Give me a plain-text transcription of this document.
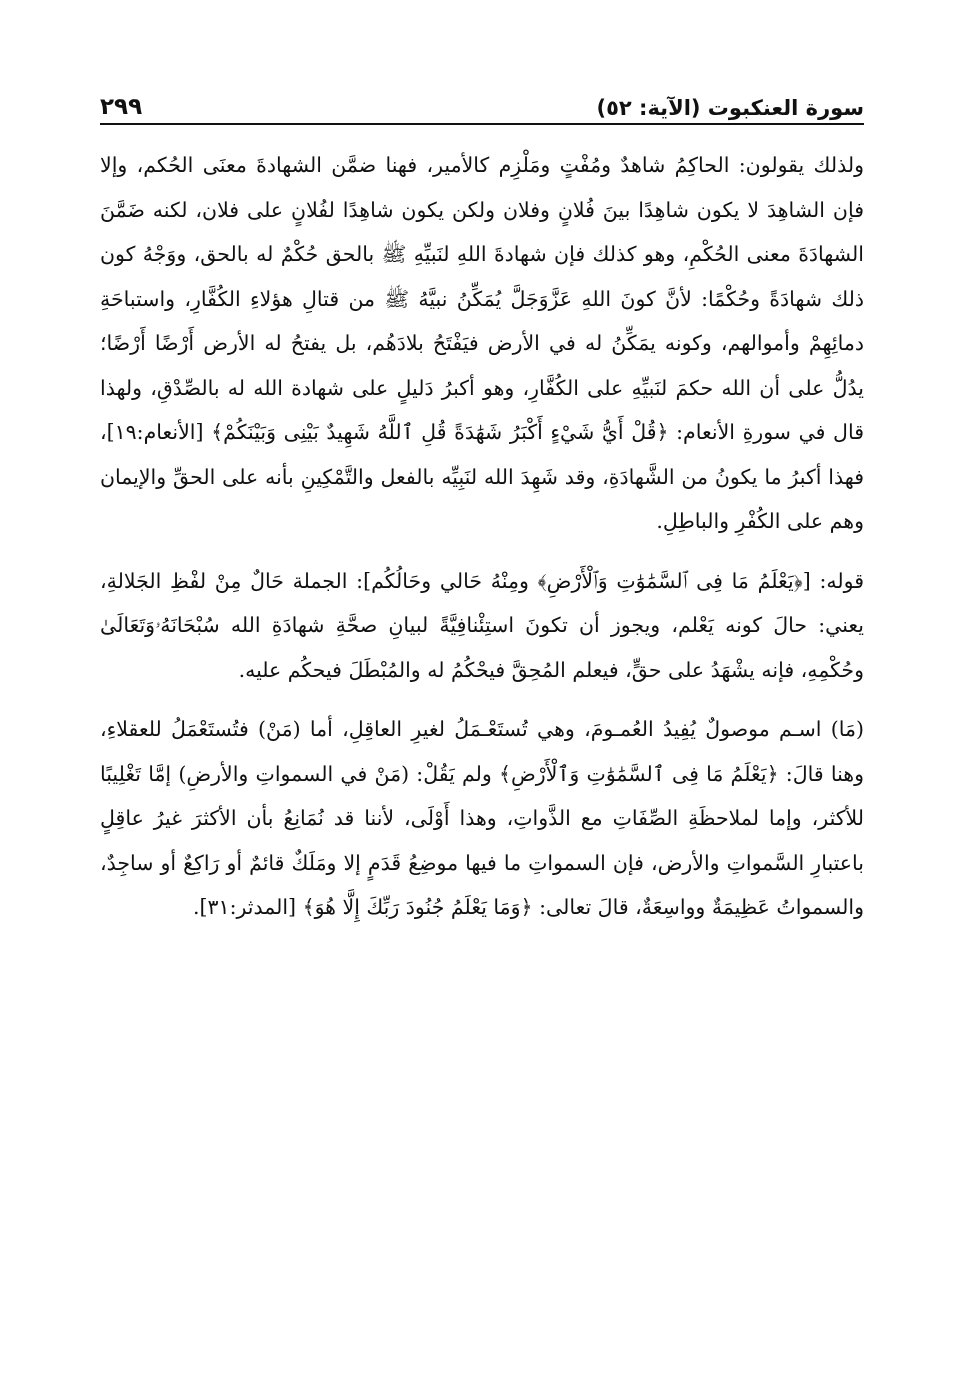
سورة العنكبوت (الآية: ٥٢)
٢٩٩

ولذلك يقولون: الحاكِمُ شاهدٌ ومُفْتٍ ومَلْزِم كالأمير، فهنا ضمَّن الشهادةَ معنَى الحُكم، وإلا فإن الشاهِدَ لا يكون شاهِدًا بينَ فُلانٍ وفلان ولكن يكون شاهِدًا لفُلانٍ على فلان، لكنه ضَمَّنَ الشهادَةَ معنى الحُكْمِ، وهو كذلك فإن شهادةَ اللهِ لنَبيِّهِ ﷺ بالحق حُكْمٌ له بالحق، ووَجْهُ كون ذلك شهادَةً وحُكْمًا: لأنَّ كونَ اللهِ عَزَّوَجَلَّ يُمَكِّنُ نبيَّهُ ﷺ من قتالِ هؤلاءِ الكُفَّارِ، واستباحَةِ دمائِهِمْ وأموالهم، وكونه يمَكِّنُ له في الأرض فيَفْتَحُ بلادَهُم، بل يفتحُ له الأرض أَرْضًا أَرْضًا؛ يدُلُّ على أن الله حكمَ لنَبيِّهِ على الكُفَّارِ، وهو أكبرُ دَليلٍ على شهادة الله له بالصِّدْقِ، ولهذا قال في سورةِ الأنعام: ﴿قُلْ أَيُّ شَيْءٍ أَكْبَرُ شَهَٰدَةً قُلِ ٱللَّهُ شَهِيدٌ بَيْنِى وَبَيْنَكُمْ﴾ [الأنعام:١٩]، فهذا أكبرُ ما يكونُ من الشَّهادَةِ، وقد شَهِدَ الله لنَبِيِّه بالفعل والتَّمْكِينِ بأنه على الحقِّ والإيمان وهم على الكُفْرِ والباطِلِ.

قوله: [﴿يَعْلَمُ مَا فِى ٱلسَّمَٰوَٰتِ وَٱلْأَرْضِ﴾ ومِنْهُ حَالي وحَالُكُم]: الجملة حَالٌ مِنْ لفْظِ الجَلالةِ، يعني: حالَ كونه يَعْلم، ويجوز أن تكونَ استِئْنافِيَّةً لبيانِ صحَّةِ شهادَةِ الله سُبْحَانَهُۥوَتَعَالَىٰ وحُكْمِهِ، فإنه يشْهَدُ على حقٍّ، فيعلم المُحِقَّ فيحْكُمُ له والمُبْطَلَ فيحكُم عليه.

(مَا) اسـم موصولٌ يُفِيدُ العُمـومَ، وهي تُستَعْـمَلُ لغيرِ العاقِلِ، أما (مَنْ) فتُستَعْمَلُ للعقلاءِ، وهنا قالَ: ﴿يَعْلَمُ مَا فِى ٱلسَّمَٰوَٰتِ وَٱلْأَرْضِ﴾ ولم يَقُلْ: (مَنْ في السمواتِ والأرضِ) إمَّا تَغْلِيبًا للأكثر، وإما لملاحظَةِ الصِّفَاتِ مع الذَّواتِ، وهذا أَوْلَى، لأننا قد نُمَانِعُ بأن الأكثرَ غيرُ عاقِلٍ باعتبارِ السَّمواتِ والأرض، فإن السمواتِ ما فيها موضِعُ قَدَمٍ إلا ومَلَكٌ قائمٌ أو رَاكِعٌ أو ساجِدٌ، والسمواتُ عَظِيمَةٌ وواسِعَةٌ، قالَ تعالى: ﴿وَمَا يَعْلَمُ جُنُودَ رَبِّكَ إِلَّا هُوَ﴾ [المدثر:٣١].
